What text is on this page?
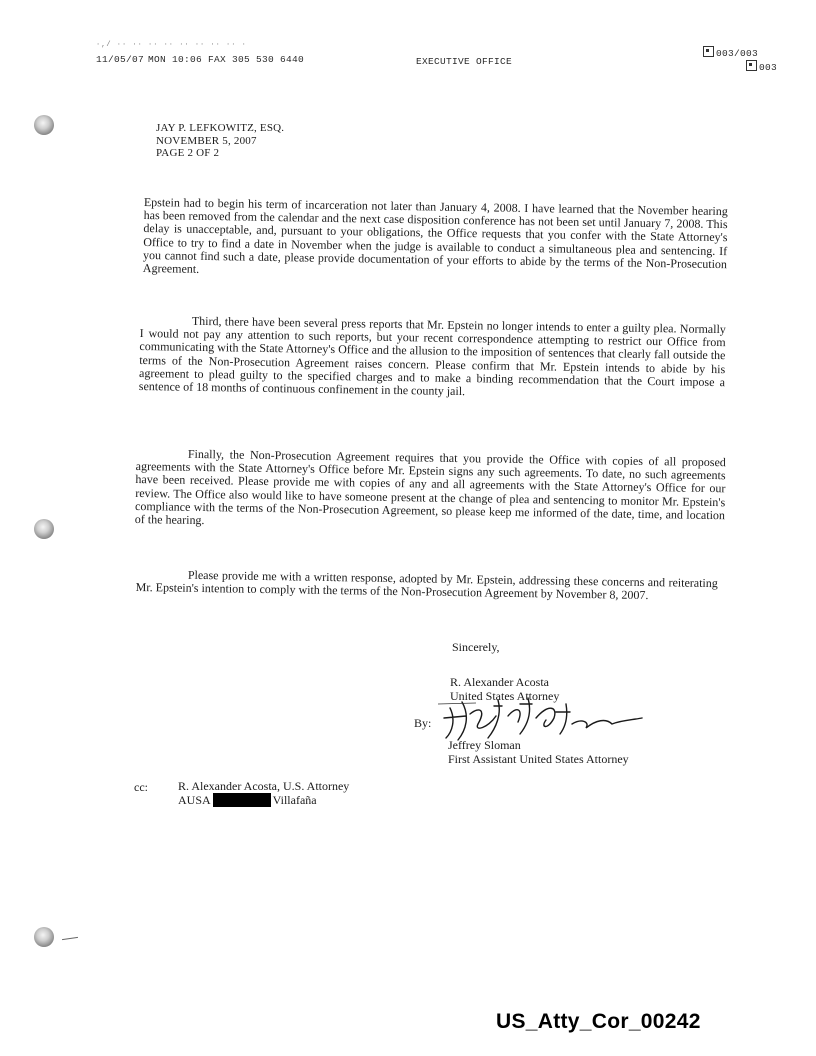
·,/ ·· ·· ·· ·· ·· ·· ·· ·· ·
11/05/07 MON 10:06 FAX 305 530 6440	EXECUTIVE OFFICE
003/003
003
JAY P. LEFKOWITZ, ESQ.
NOVEMBER 5, 2007
PAGE 2 OF 2
Epstein had to begin his term of incarceration not later than January 4, 2008. I have learned that the November hearing has been removed from the calendar and the next case disposition conference has not been set until January 7, 2008. This delay is unacceptable, and, pursuant to your obligations, the Office requests that you confer with the State Attorney's Office to try to find a date in November when the judge is available to conduct a simultaneous plea and sentencing. If you cannot find such a date, please provide documentation of your efforts to abide by the terms of the Non-Prosecution Agreement.
Third, there have been several press reports that Mr. Epstein no longer intends to enter a guilty plea. Normally I would not pay any attention to such reports, but your recent correspondence attempting to restrict our Office from communicating with the State Attorney's Office and the allusion to the imposition of sentences that clearly fall outside the terms of the Non-Prosecution Agreement raises concern. Please confirm that Mr. Epstein intends to abide by his agreement to plead guilty to the specified charges and to make a binding recommendation that the Court impose a sentence of 18 months of continuous confinement in the county jail.
Finally, the Non-Prosecution Agreement requires that you provide the Office with copies of all proposed agreements with the State Attorney's Office before Mr. Epstein signs any such agreements. To date, no such agreements have been received. Please provide me with copies of any and all agreements with the State Attorney's Office for our review. The Office also would like to have someone present at the change of plea and sentencing to monitor Mr. Epstein's compliance with the terms of the Non-Prosecution Agreement, so please keep me informed of the date, time, and location of the hearing.
Please provide me with a written response, adopted by Mr. Epstein, addressing these concerns and reiterating Mr. Epstein's intention to comply with the terms of the Non-Prosecution Agreement by November 8, 2007.
Sincerely,
R. Alexander Acosta
United States Attorney
By:
Jeffrey Sloman
First Assistant United States Attorney
cc:	R. Alexander Acosta, U.S. Attorney
AUSA	Villafaña
US_Atty_Cor_00242
